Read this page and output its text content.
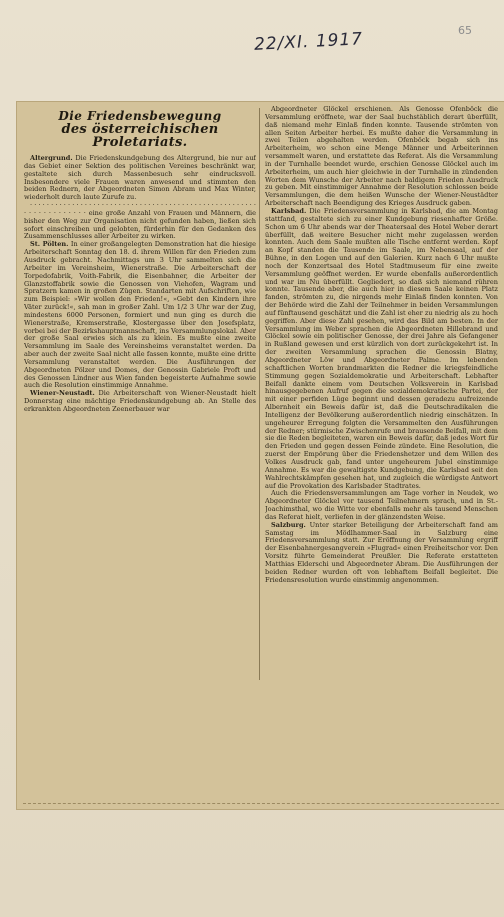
22/XI. 1917	65
Die Friedensbewegung
des österreichischen Proletariats.

Altergrund. Die Friedenskundgebung des Altergrund, bie nur auf das Gebiet einer Sektion des politischen Vereines beschränkt war, gestaltete sich durch Massenbesuch sehr eindrucksvoll. Insbesondere viele Frauen waren anwesend und stimmten den beiden Rednern, der Abgeordneten Simon Abram und Max Winter, wiederholt durch laute Zurufe zu.

· · · · · · · · · · · · · · · · · · · · · · · · · · · · · · · · · · · · · · · · · · · · · · · · · · · · · · · · · · · · · · · · · · · eine große Anzahl von Frauen und Männern, die bisher den Weg zur Organisation nicht gefunden haben, ließen sich sofort einschreiben und gelobten, fürderhin für den Gedanken des Zusammenschlusses aller Arbeiter zu wirken.

St. Pölten. In einer großangelegten Demonstration hat die hiesige Arbeiterschaft Sonntag den 18. d. ihrem Willen für den Frieden zum Ausdruck gebracht. Nachmittags um 3 Uhr sammelten sich die Arbeiter im Vereinsheim, Wienerstraße. Die Arbeiterschaft der Torpedofabrik, Voith-Fabrik, die Eisenbahner, die Arbeiter der Glanzstoffabrik sowie die Genossen von Viehofen, Wagram und Spratzern kamen in großen Zügen. Standarten mit Aufschriften, wie zum Beispiel: »Wir wollen den Frieden!«, »Gebt den Kindern ihre Väter zurück!«, sah man in großer Zahl. Um 1/2 3 Uhr war der Zug, mindestens 6000 Personen, formiert und nun ging es durch die Wienerstraße, Kremserstraße, Klostergasse über den Josefsplatz, vorbei bei der Bezirkshauptmannschaft, ins Versammlungslokal. Aber der große Saal erwies sich als zu klein. Es mußte eine zweite Versammlung im Saale des Vereinsheims veranstaltet werden. Da aber auch der zweite Saal nicht alle fassen konnte, mußte eine dritte Versammlung veranstaltet werden. Die Ausführungen der Abgeordneten Pölzer und Domes, der Genossin Gabriele Proft und des Genossen Lindner aus Wien fanden begeisterte Aufnahme sowie auch die Resolution einstimmige Annahme.

Wiener-Neustadt. Die Arbeiterschaft von Wiener-Neustadt hielt Donnerstag eine mächtige Friedenskundgebung ab. An Stelle des erkrankten Abgeordneten Zeenerbauer war

Abgeordneter Glöckel erschienen. Als Genosse Ofenböck die Versammlung eröffnete, war der Saal buchstäblich derart überfüllt, daß niemand mehr Einlaß finden konnte. Tausende strömten von allen Seiten Arbeiter herbei. Es mußte daher die Versammlung in zwei Teilen abgehalten werden. Ofenböck begab sich ins Arbeiterheim, wo schon eine Menge Männer und Arbeiterinnen versammelt waren, und erstattete das Referat. Als die Versammlung in der Turnhalle beendet wurde, erschien Genosse Glöckel auch im Arbeiterheim, um auch hier gleichwie in der Turnhalle in zündenden Worten dem Wunsche der Arbeiter nach baldigem Frieden Ausdruck zu geben. Mit einstimmiger Annahme der Resolution schlossen beide Versammlungen, die dem heißen Wunsche der Wiener-Neustädter Arbeiterschaft nach Beendigung des Krieges Ausdruck gaben.

Karlsbad. Die Friedensversammlung in Karlsbad, die am Montag stattfand, gestaltete sich zu einer Kundgebung riesenhafter Größe. Schon um 6 Uhr abends war der Theatersaal des Hotel Weber derart überfüllt, daß weitere Besucher nicht mehr zugelassen werden konnten. Auch dem Saale mußten alle Tische entfernt werden. Kopf an Kopf standen die Tausende im Saale, im Nebensaal, auf der Bühne, in den Logen und auf den Galerien. Kurz nach 6 Uhr mußte noch der Konzertsaal des Hotel Stadtmuseum für eine zweite Versammlung geöffnet werden. Er wurde ebenfalls außerordentlich und war im Nu überfüllt. Gegliedert, so daß sich niemand rühren konnte. Tausende aber, die auch hier in diesem Saale keinen Platz fanden, strömten zu, die nirgends mehr Einlaß finden konnten. Von der Behörde wird die Zahl der Teilnehmer in beiden Versammlungen auf fünftausend geschätzt und die Zahl ist eher zu niedrig als zu hoch gegriffen. Aber diese Zahl gesehen, wird das Bild am besten. In der Versammlung im Weber sprachen die Abgeordneten Hillebrand und Glöckel sowie ein politischer Genosse, der drei Jahre als Gefangener in Rußland gewesen und erst kürzlich von dort zurückgekehrt ist. In der zweiten Versammlung sprachen die Genossin Blatny, Abgeordneter Löw und Abgeordneter Palme. Im lebenden schaftlichen Worten brandmarkten die Redner die kriegsfeindliche Stimmung gegen Sozialdemokratie und Arbeiterschaft. Lebhafter Beifall dankte einem vom Deutschen Volksverein in Karlsbad hinausgegebenen Aufruf gegen die sozialdemokratische Partei, der mit einer perfiden Lüge beginnt und dessen geradezu aufreizende Albernheit ein Beweis dafür ist, daß die Deutschradikalen die Intelligenz der Bevölkerung außerordentlich niedrig einschätzen. In ungeheurer Erregung folgten die Versammelten den Ausführungen der Redner; stürmische Zwischenrufe und brausende Beifall, mit dem sie die Reden begleiteten, waren ein Beweis dafür, daß jedes Wort für den Frieden und gegen dessen Feinde zündete. Eine Resolution, die zuerst der Empörung über die Friedenshetzer und dem Willen des Volkes Ausdruck gab, fand unter ungeheurem Jubel einstimmige Annahme. Es war die gewaltigste Kundgebung, die Karlsbad seit den Wahlrechtskämpfen gesehen hat, und zugleich die würdigste Antwort auf die Provokation des Karlsbader Stadtrates.

Auch die Friedensversammlungen am Tage vorher in Neudek, wo Abgeordneter Glöckel vor tausend Teilnehmern sprach, und in St.-Joachimsthal, wo die Witte vor ebenfalls mehr als tausend Menschen das Referat hielt, verliefen in der glänzendsten Weise.

Salzburg. Unter starker Beteiligung der Arbeiterschaft fand am Samstag im Mödlhammer-Saal in Salzburg eine Friedensversammlung statt. Zur Eröffnung der Versammlung ergriff der Eisenbahnergesangverein »Flugrad« einen Freiheitschor vor. Den Vorsitz führte Gemeinderat Preußler. Die Referate erstatteten Matthias Elderschi und Abgeordneter Abram. Die Ausführungen der beiden Redner wurden oft von lebhaftem Beifall begleitet. Die Friedensresolution wurde einstimmig angenommen.
